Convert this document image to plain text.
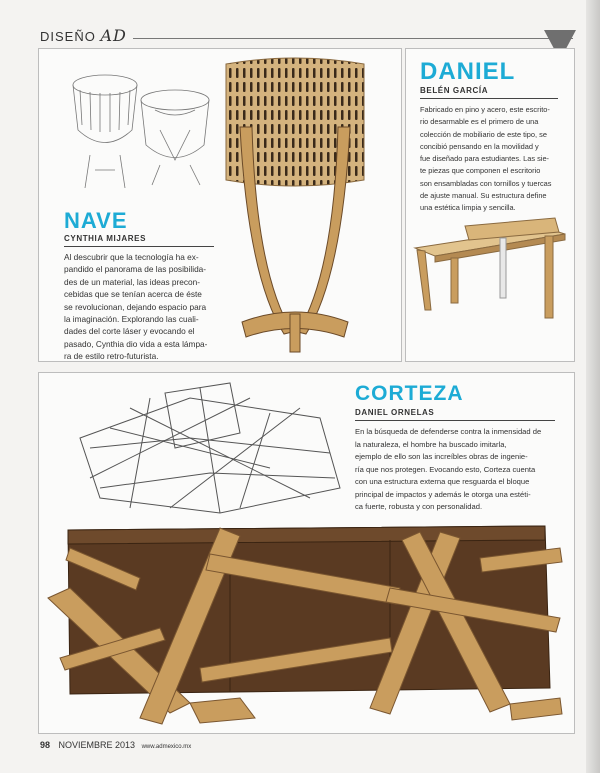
DISEÑO AD
NAVE
CYNTHIA MIJARES
Al descubrir que la tecnología ha ex-
pandido el panorama de las posibilida-
des de un material, las ideas precon-
cebidas que se tenían acerca de éste
se revolucionan, dejando espacio para
la imaginación. Explorando las cuali-
dades del corte láser y evocando el
pasado, Cynthia dio vida a esta lámpa-
ra de estilo retro-futurista.
DANIEL
BELÉN GARCÍA
Fabricado en pino y acero, este escrito-
rio desarmable es el primero de una
colección de mobiliario de este tipo, se
concibió pensando en la movilidad y
fue diseñado para estudiantes. Las sie-
te piezas que componen el escritorio
son ensambladas con tornillos y tuercas
de ajuste manual. Su estructura define
una estética limpia y sencilla.
CORTEZA
DANIEL ORNELAS
En la búsqueda de defenderse contra la inmensidad de
la naturaleza, el hombre ha buscado imitarla,
ejemplo de ello son las increíbles obras de ingenie-
ría que nos protegen. Evocando esto, Corteza cuenta
con una estructura externa que resguarda el bloque
principal de impactos y además le otorga una estéti-
ca fuerte, robusta y con personalidad.
98 NOVIEMBRE 2013 www.admexico.mx
